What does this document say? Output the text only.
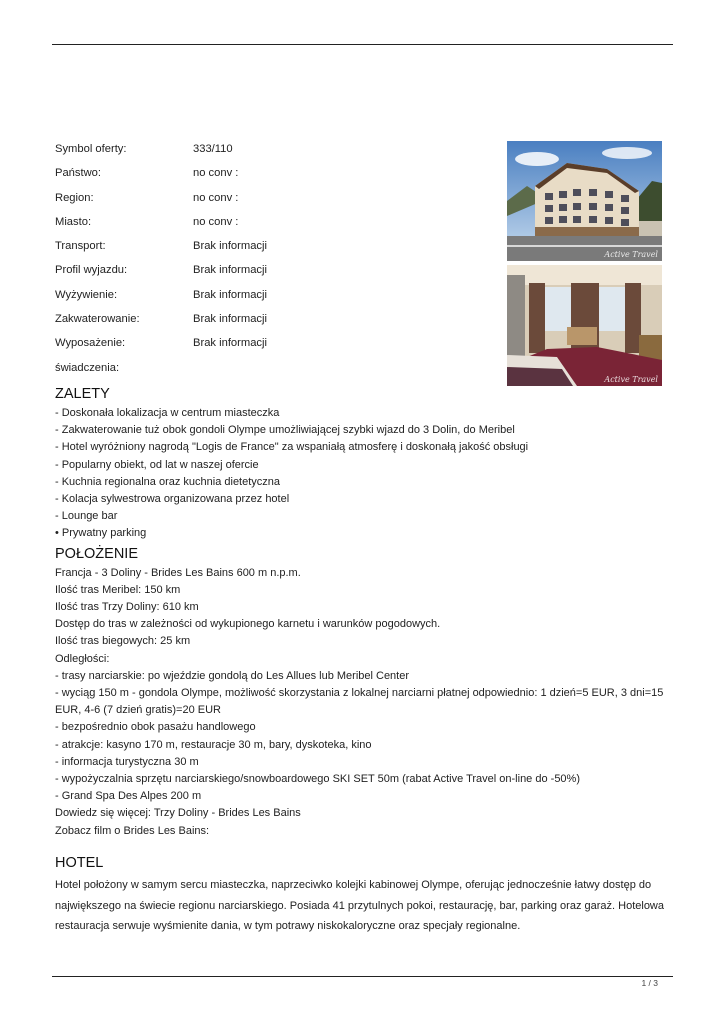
Symbol oferty:	333/110
Państwo:	no conv :
Region:	no conv :
Miasto:	no conv :
Transport:	Brak informacji
Profil wyjazdu:	Brak informacji
Wyżywienie:	Brak informacji
Zakwaterowanie:	Brak informacji
Wyposażenie:	Brak informacji
świadczenia:
Active Travel
Active Travel
ZALETY
- Doskonała lokalizacja w centrum miasteczka
- Zakwaterowanie tuż obok gondoli Olympe umożliwiającej szybki wjazd do 3 Dolin, do Meribel
- Hotel wyróżniony nagrodą "Logis de France" za wspaniałą atmosferę i doskonałą jakość obsługi
- Popularny obiekt, od lat w naszej ofercie
- Kuchnia regionalna oraz kuchnia dietetyczna
- Kolacja sylwestrowa organizowana przez hotel
- Lounge bar
• Prywatny parking
POŁOŻENIE
Francja - 3 Doliny - Brides Les Bains 600 m n.p.m.
Ilość tras Meribel: 150 km
Ilość tras Trzy Doliny: 610 km
Dostęp do tras w zależności od wykupionego karnetu i warunków pogodowych.
Ilość tras biegowych: 25 km
Odległości:
- trasy narciarskie: po wjeździe gondolą do Les Allues lub Meribel Center
- wyciąg 150 m - gondola Olympe, możliwość skorzystania z lokalnej narciarni płatnej odpowiednio: 1 dzień=5 EUR, 3 dni=15
EUR, 4-6 (7 dzień gratis)=20 EUR
- bezpośrednio obok pasażu handlowego
- atrakcje: kasyno 170 m, restauracje 30 m, bary, dyskoteka, kino
- informacja turystyczna 30 m
- wypożyczalnia sprzętu narciarskiego/snowboardowego SKI SET 50m (rabat Active Travel on-line do -50%)
- Grand Spa Des Alpes 200 m
Dowiedz się więcej: Trzy Doliny - Brides Les Bains
Zobacz film o Brides Les Bains:
HOTEL
Hotel położony w samym sercu miasteczka, naprzeciwko kolejki kabinowej Olympe, oferując jednocześnie łatwy dostęp do
największego na świecie regionu narciarskiego. Posiada 41 przytulnych pokoi, restaurację, bar, parking oraz garaż. Hotelowa
restauracja serwuje wyśmienite dania, w tym potrawy niskokaloryczne oraz specjały regionalne.
1 / 3
